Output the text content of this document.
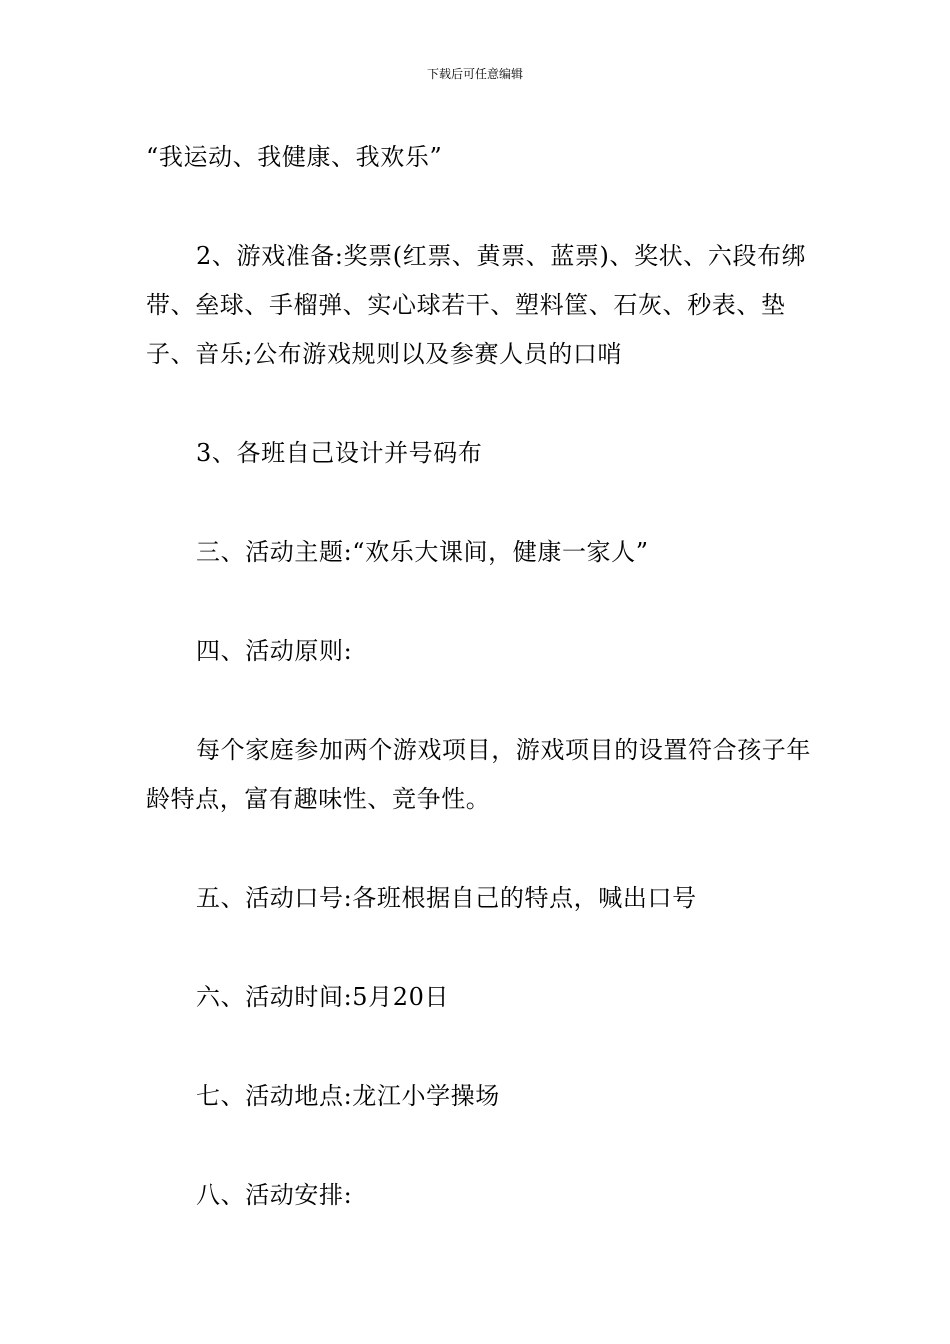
下载后可任意编辑

“我运动、我健康、我欢乐”

2、游戏准备:奖票(红票、黄票、蓝票)、奖状、六段布绑带、垒球、手榴弹、实心球若干、塑料筐、石灰、秒表、垫子、音乐;公布游戏规则以及参赛人员的口哨

3、各班自己设计并号码布

三、活动主题:“欢乐大课间，健康一家人”

四、活动原则:

每个家庭参加两个游戏项目，游戏项目的设置符合孩子年龄特点，富有趣味性、竞争性。

五、活动口号:各班根据自己的特点，喊出口号

六、活动时间:5月20日

七、活动地点:龙江小学操场

八、活动安排:
